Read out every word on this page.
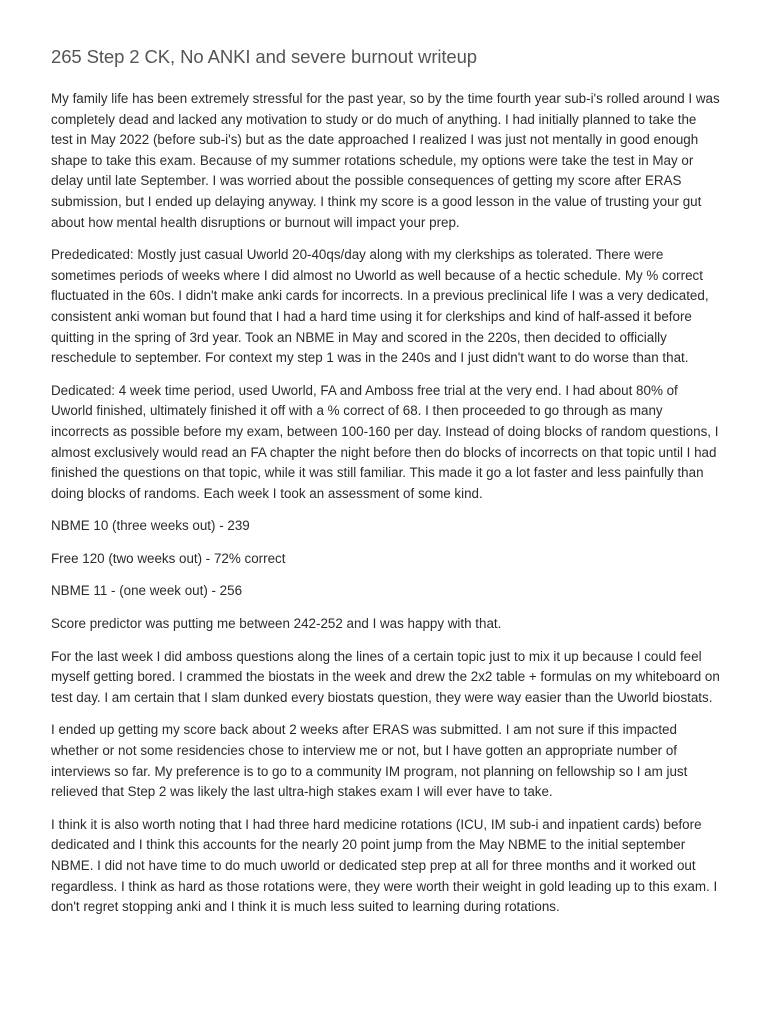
265 Step 2 CK, No ANKI and severe burnout writeup

My family life has been extremely stressful for the past year, so by the time fourth year sub-i's rolled around I was completely dead and lacked any motivation to study or do much of anything. I had initially planned to take the test in May 2022 (before sub-i's) but as the date approached I realized I was just not mentally in good enough shape to take this exam. Because of my summer rotations schedule, my options were take the test in May or delay until late September. I was worried about the possible consequences of getting my score after ERAS submission, but I ended up delaying anyway. I think my score is a good lesson in the value of trusting your gut about how mental health disruptions or burnout will impact your prep.

Prededicated: Mostly just casual Uworld 20-40qs/day along with my clerkships as tolerated. There were sometimes periods of weeks where I did almost no Uworld as well because of a hectic schedule. My % correct fluctuated in the 60s. I didn't make anki cards for incorrects. In a previous preclinical life I was a very dedicated, consistent anki woman but found that I had a hard time using it for clerkships and kind of half-assed it before quitting in the spring of 3rd year. Took an NBME in May and scored in the 220s, then decided to officially reschedule to september. For context my step 1 was in the 240s and I just didn't want to do worse than that.

Dedicated: 4 week time period, used Uworld, FA and Amboss free trial at the very end. I had about 80% of Uworld finished, ultimately finished it off with a % correct of 68. I then proceeded to go through as many incorrects as possible before my exam, between 100-160 per day. Instead of doing blocks of random questions, I almost exclusively would read an FA chapter the night before then do blocks of incorrects on that topic until I had finished the questions on that topic, while it was still familiar. This made it go a lot faster and less painfully than doing blocks of randoms. Each week I took an assessment of some kind.

NBME 10 (three weeks out) - 239

Free 120 (two weeks out) - 72% correct

NBME 11 - (one week out) - 256

Score predictor was putting me between 242-252 and I was happy with that.

For the last week I did amboss questions along the lines of a certain topic just to mix it up because I could feel myself getting bored. I crammed the biostats in the week and drew the 2x2 table + formulas on my whiteboard on test day. I am certain that I slam dunked every biostats question, they were way easier than the Uworld biostats.

I ended up getting my score back about 2 weeks after ERAS was submitted. I am not sure if this impacted whether or not some residencies chose to interview me or not, but I have gotten an appropriate number of interviews so far. My preference is to go to a community IM program, not planning on fellowship so I am just relieved that Step 2 was likely the last ultra-high stakes exam I will ever have to take.

I think it is also worth noting that I had three hard medicine rotations (ICU, IM sub-i and inpatient cards) before dedicated and I think this accounts for the nearly 20 point jump from the May NBME to the initial september NBME. I did not have time to do much uworld or dedicated step prep at all for three months and it worked out regardless. I think as hard as those rotations were, they were worth their weight in gold leading up to this exam. I don't regret stopping anki and I think it is much less suited to learning during rotations.
